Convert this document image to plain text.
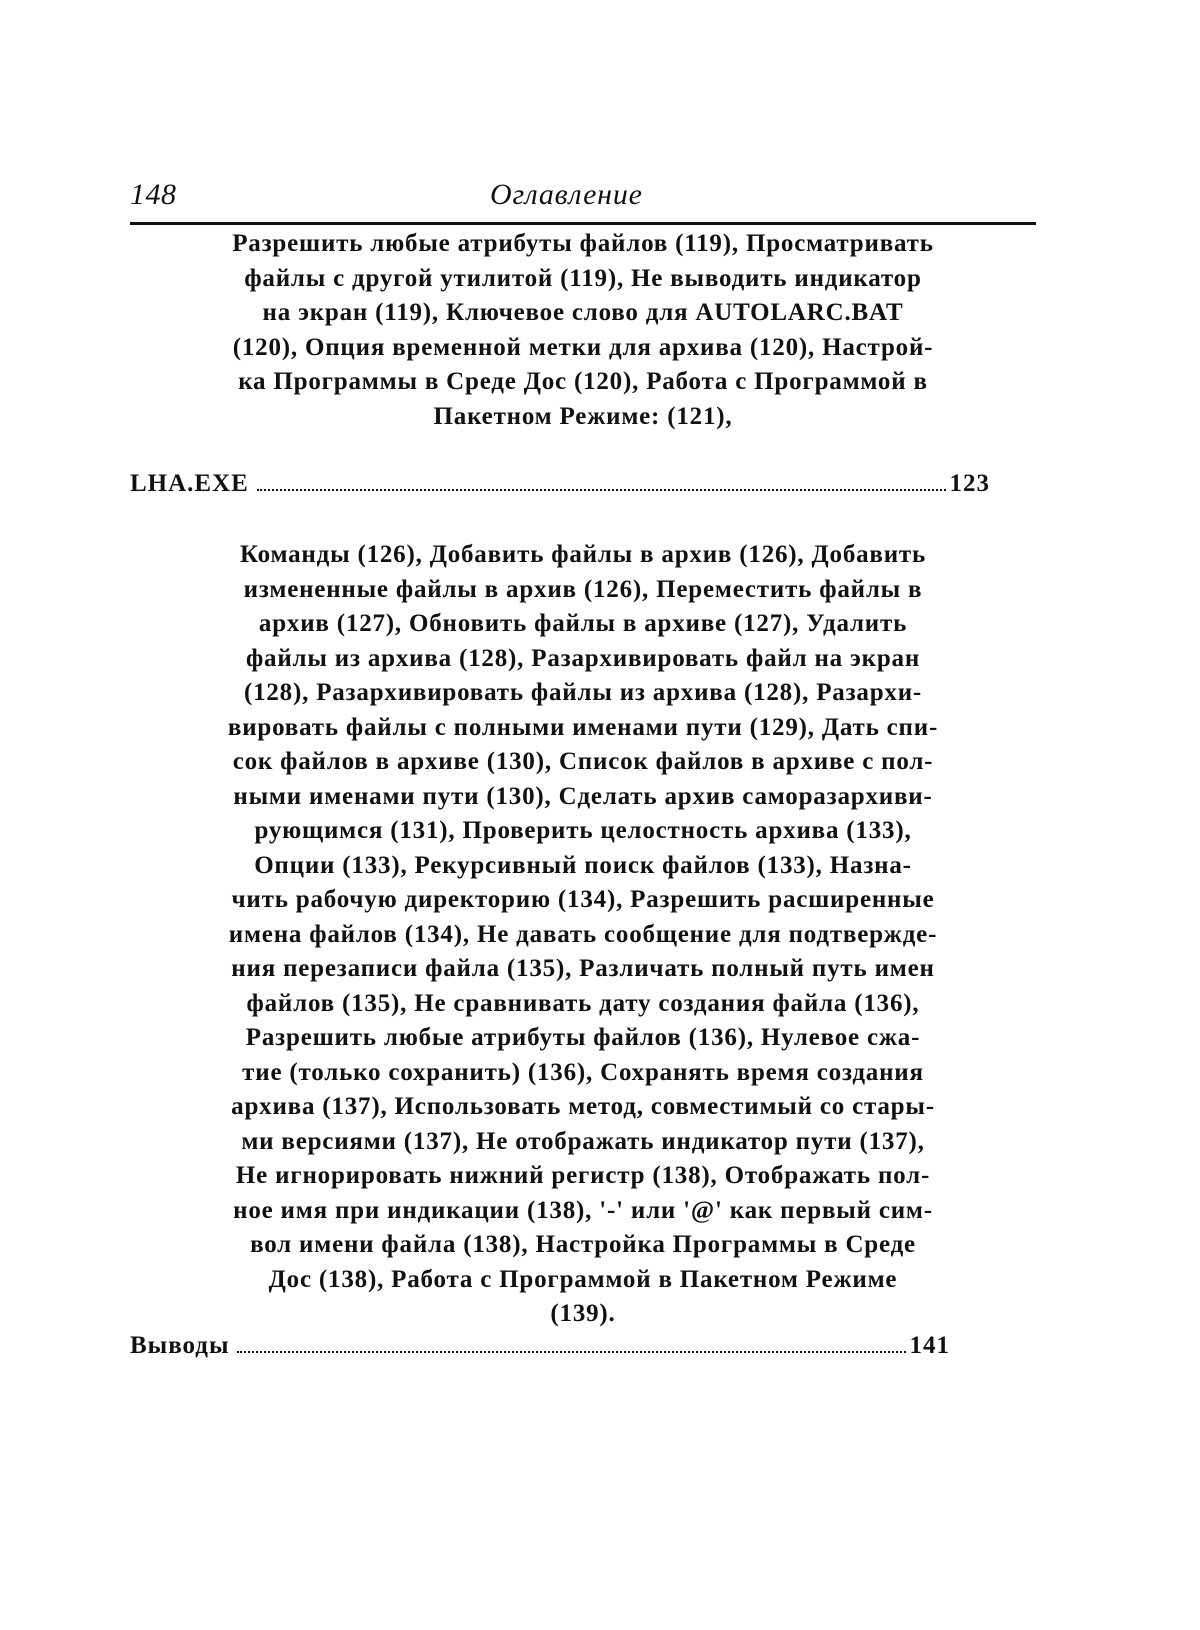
148	Оглавление
Разрешить любые атрибуты файлов (119), Просматривать
файлы с другой утилитой (119), Не выводить индикатор
на экран (119), Ключевое слово для AUTOLARC.BAT
(120), Опция временной метки для архива (120), Настрой-
ка Программы в Среде Дос (120), Работа с Программой в
Пакетном Режиме: (121),
LHA.EXE	123
Команды (126), Добавить файлы в архив (126), Добавить
измененные файлы в архив (126), Переместить файлы в
архив (127), Обновить файлы в архиве (127), Удалить
файлы из архива (128), Разархивировать файл на экран
(128), Разархивировать файлы из архива (128), Разархи-
вировать файлы с полными именами пути (129), Дать спи-
сок файлов в архиве (130), Список файлов в архиве с пол-
ными именами пути (130), Сделать архив саморазархиви-
рующимся (131), Проверить целостность архива (133),
Опции (133), Рекурсивный поиск файлов (133), Назна-
чить рабочую директорию (134), Разрешить расширенные
имена файлов (134), Не давать сообщение для подтвержде-
ния перезаписи файла (135), Различать полный путь имен
файлов (135), Не сравнивать дату создания файла (136),
Разрешить любые атрибуты файлов (136), Нулевое сжа-
тие (только сохранить) (136), Сохранять время создания
архива (137), Использовать метод, совместимый со стары-
ми версиями (137), Не отображать индикатор пути (137),
Не игнорировать нижний регистр (138), Отображать пол-
ное имя при индикации (138), '-' или '@' как первый сим-
вол имени файла (138), Настройка Программы в Среде
Дос (138), Работа с Программой в Пакетном Режиме
(139).
Выводы	141
